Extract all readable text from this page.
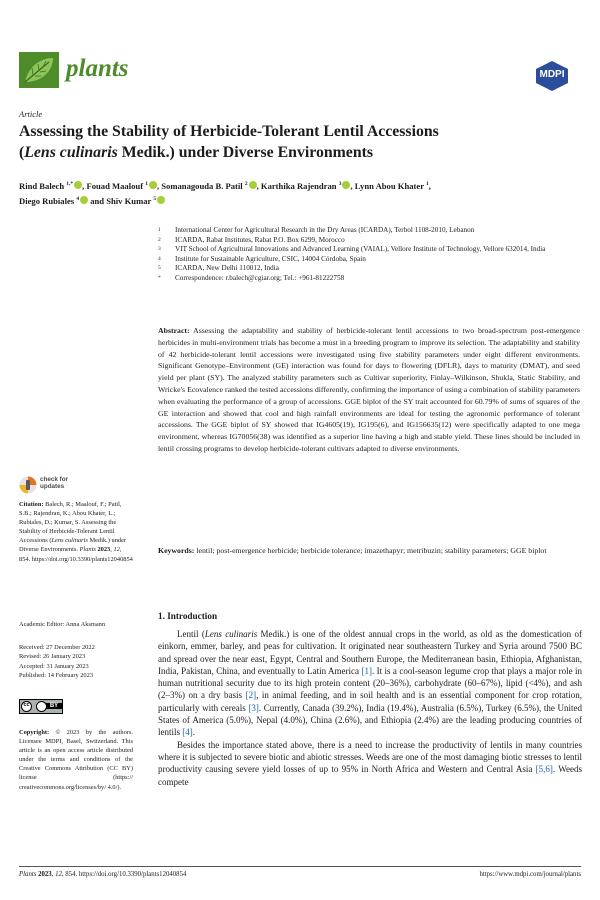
plants	MDPI
Article
Assessing the Stability of Herbicide-Tolerant Lentil Accessions
(Lens culinaris Medik.) under Diverse Environments
Rind Balech $^{1,*}$ , Fouad Maalouf $^1$ , Somanagouda B. Patil $^2$ , Karthika Rajendran $^3$ , Lynn Abou Khater $^1$,
Diego Rubiales $^4$ and Shiv Kumar $^5$
1	International Center for Agricultural Research in the Dry Areas (ICARDA), Terbol 1108-2010, Lebanon
2	ICARDA, Rabat Institutes, Rabat P.O. Box 6299, Morocco
3	VIT School of Agricultural Innovations and Advanced Learning (VAIAL), Vellore Institute of Technology, Vellore 632014, India
4	Institute for Sustainable Agriculture, CSIC, 14004 Córdoba, Spain
5	ICARDA, New Delhi 110012, India
*	Correspondence: r.balech@cgiar.org; Tel.: +961-81222758
Abstract: Assessing the adaptability and stability of herbicide-tolerant lentil accessions to two broad-spectrum post-emergence herbicides in multi-environment trials has become a must in a breeding program to improve its selection. The adaptability and stability of 42 herbicide-tolerant lentil accessions were investigated using five stability parameters under eight different environments. Significant Genotype–Environment (GE) interaction was found for days to flowering (DFLR), days to maturity (DMAT), and seed yield per plant (SY). The analyzed stability parameters such as Cultivar superiority, Finlay–Wilkinson, Shukla, Static Stability, and Wricke's Ecovalence ranked the tested accessions differently, confirming the importance of using a combination of stability parameters when evaluating the performance of a group of accessions. GGE biplot of the SY trait accounted for 60.79% of sums of squares of the GE interaction and showed that cool and high rainfall environments are ideal for testing the agronomic performance of tolerant accessions. The GGE biplot of SY showed that IG4605(19), IG195(6), and IG156635(12) were specifically adapted to one mega environment, whereas IG70056(38) was identified as a superior line having a high and stable yield. These lines should be included in lentil crossing programs to develop herbicide-tolerant cultivars adapted to diverse environments.
Keywords: lentil; post-emergence herbicide; herbicide tolerance; imazethapyr; metribuzin; stability parameters; GGE biplot
check for
updates
Citation: Balech, R.; Maalouf, F.; Patil, S.B.; Rajendran, K.; Abou Khater, L.; Rubiales, D.; Kumar, S. Assessing the Stability of Herbicide-Tolerant Lentil Accessions (Lens culinaris Medik.) under Diverse Environments. Plants 2023, 12, 854. https://doi.org/10.3390/plants12040854
Academic Editor: Anna Aksmann
Received: 27 December 2022
Revised: 26 January 2023
Accepted: 31 January 2023
Published: 14 February 2023
cc	BY
Copyright: © 2023 by the authors. Licensee MDPI, Basel, Switzerland. This article is an open access article distributed under the terms and conditions of the Creative Commons Attribution (CC BY) license (https:// creativecommons.org/licenses/by/ 4.0/).
1. Introduction
Lentil (Lens culinaris Medik.) is one of the oldest annual crops in the world, as old as the domestication of einkorn, emmer, barley, and peas for cultivation. It originated near southeastern Turkey and Syria around 7500 BC and spread over the near east, Egypt, Central and Southern Europe, the Mediterranean basin, Ethiopia, Afghanistan, India, Pakistan, China, and eventually to Latin America [1]. It is a cool-season legume crop that plays a major role in human nutritional security due to its high protein content (20–36%), carbohydrate (60–67%), lipid (<4%), and ash (2–3%) on a dry basis [2], in animal feeding, and in soil health and is an essential component for crop rotation, particularly with cereals [3]. Currently, Canada (39.2%), India (19.4%), Australia (6.5%), Turkey (6.5%), the United States of America (5.0%), Nepal (4.0%), China (2.6%), and Ethiopia (2.4%) are the leading producing countries of lentils [4].
Besides the importance stated above, there is a need to increase the productivity of lentils in many countries where it is subjected to severe biotic and abiotic stresses. Weeds are one of the most damaging biotic stresses to lentil productivity causing severe yield losses of up to 95% in North Africa and Western and Central Asia [5,6]. Weeds compete
Plants 2023, 12, 854. https://doi.org/10.3390/plants12040854	https://www.mdpi.com/journal/plants
